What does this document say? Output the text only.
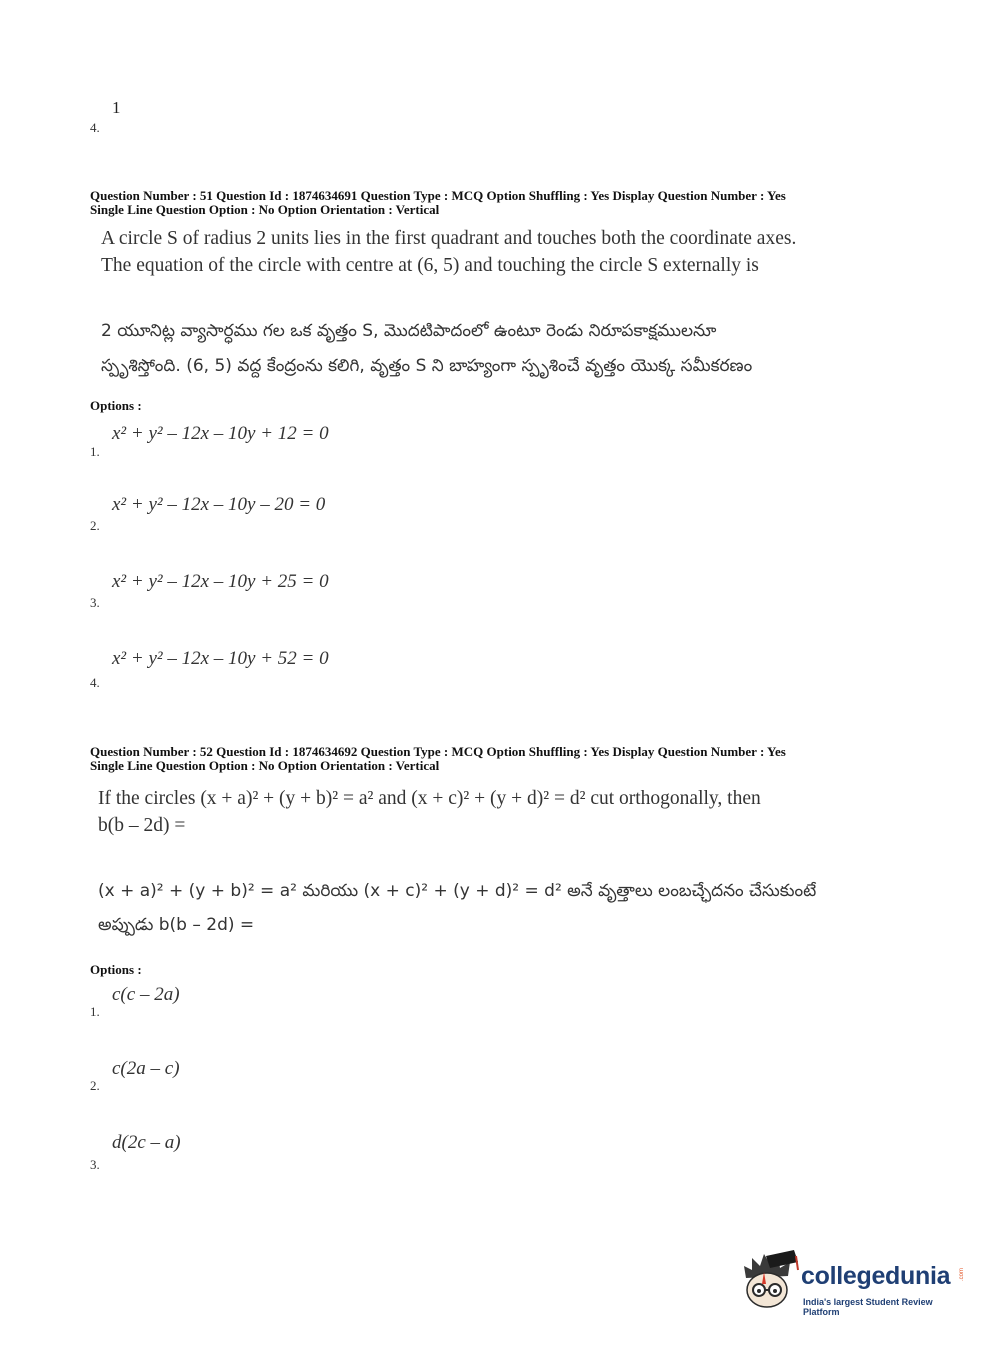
1
4.
Question Number : 51 Question Id : 1874634691 Question Type : MCQ Option Shuffling : Yes Display Question Number : Yes
Single Line Question Option : No Option Orientation : Vertical
A circle S of radius 2 units lies in the first quadrant and touches both the coordinate axes.
The equation of the circle with centre at (6, 5) and touching the circle S externally is
2 యూనిట్ల వ్యాసార్ధము గల ఒక వృత్తం S, మొదటిపాదంలో ఉంటూ రెండు నిరూపకాక్షములనూ
స్పృశిస్తోంది. (6, 5) వద్ద కేంద్రంను కలిగి, వృత్తం S ని బాహ్యంగా స్పృశించే వృత్తం యొక్క సమీకరణం
Options :
x² + y² – 12x – 10y + 12 = 0
1.
x² + y² – 12x – 10y – 20 = 0
2.
x² + y² – 12x – 10y + 25 = 0
3.
x² + y² – 12x – 10y + 52 = 0
4.
Question Number : 52 Question Id : 1874634692 Question Type : MCQ Option Shuffling : Yes Display Question Number : Yes
Single Line Question Option : No Option Orientation : Vertical
If the circles (x + a)² + (y + b)² = a² and (x + c)² + (y + d)² = d² cut orthogonally, then
b(b – 2d) =
(x + a)² + (y + b)² = a² మరియు (x + c)² + (y + d)² = d² అనే వృత్తాలు లంబచ్ఛేదనం చేసుకుంటే
అప్పుడు b(b – 2d) =
Options :
c(c – 2a)
1.
c(2a – c)
2.
d(2c – a)
3.
collegedunia .com
India's largest Student Review Platform
